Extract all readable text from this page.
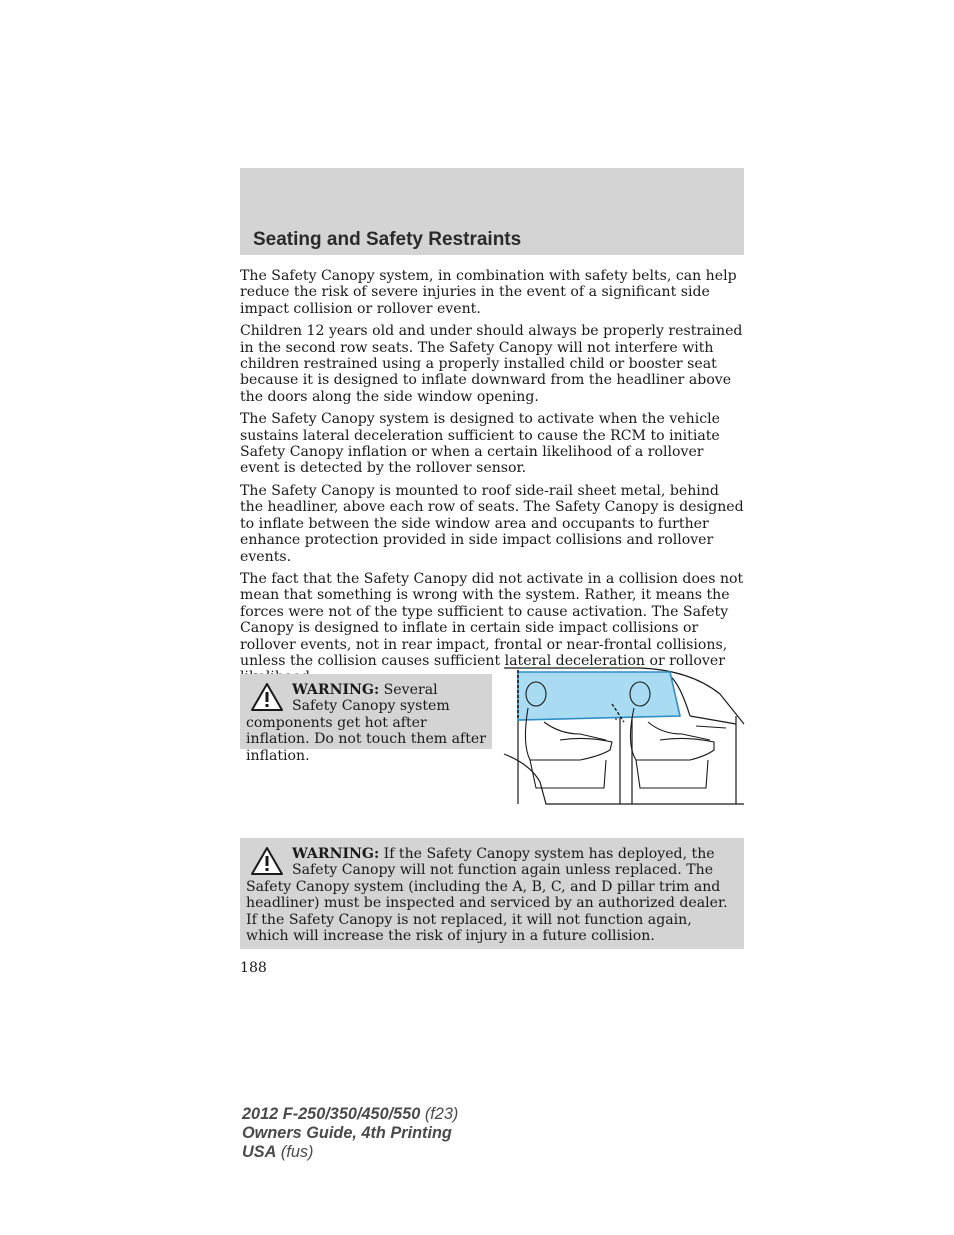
Seating and Safety Restraints

The Safety Canopy system, in combination with safety belts, can help reduce the risk of severe injuries in the event of a significant side impact collision or rollover event.

Children 12 years old and under should always be properly restrained in the second row seats. The Safety Canopy will not interfere with children restrained using a properly installed child or booster seat because it is designed to inflate downward from the headliner above the doors along the side window opening.

The Safety Canopy system is designed to activate when the vehicle sustains lateral deceleration sufficient to cause the RCM to initiate Safety Canopy inflation or when a certain likelihood of a rollover event is detected by the rollover sensor.

The Safety Canopy is mounted to roof side-rail sheet metal, behind the headliner, above each row of seats. The Safety Canopy is designed to inflate between the side window area and occupants to further enhance protection provided in side impact collisions and rollover events.

The fact that the Safety Canopy did not activate in a collision does not mean that something is wrong with the system. Rather, it means the forces were not of the type sufficient to cause activation. The Safety Canopy is designed to inflate in certain side impact collisions or rollover events, not in rear impact, frontal or near-frontal collisions, unless the collision causes sufficient lateral deceleration or rollover

WARNING: Several Safety Canopy system components get hot after inflation. Do not touch them after inflation.
WARNING: If the Safety Canopy system has deployed, the Safety Canopy will not function again unless replaced. The Safety Canopy system (including the A, B, C, and D pillar trim and headliner) must be inspected and serviced by an authorized dealer. If the Safety Canopy is not replaced, it will not function again, which will increase the risk of injury in a future collision.
188
2012 F-250/350/450/550 (f23)
Owners Guide, 4th Printing
USA (fus)
